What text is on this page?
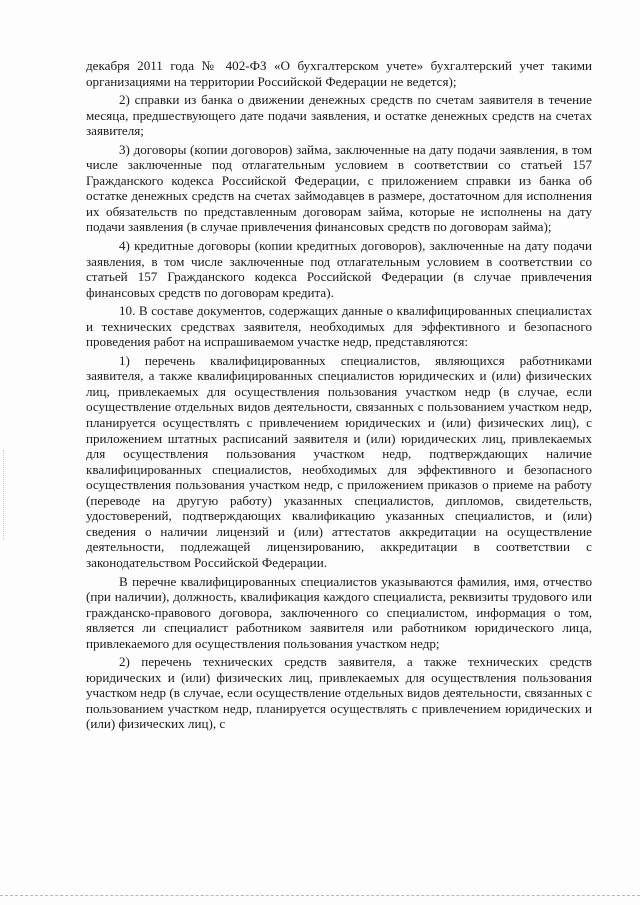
декабря 2011 года № 402-ФЗ «О бухгалтерском учете» бухгалтерский учет такими организациями на территории Российской Федерации не ведется);

2) справки из банка о движении денежных средств по счетам заявителя в течение месяца, предшествующего дате подачи заявления, и остатке денежных средств на счетах заявителя;

3) договоры (копии договоров) займа, заключенные на дату подачи заявления, в том числе заключенные под отлагательным условием в соответствии со статьей 157 Гражданского кодекса Российской Федерации, с приложением справки из банка об остатке денежных средств на счетах займодавцев в размере, достаточном для исполнения их обязательств по представленным договорам займа, которые не исполнены на дату подачи заявления (в случае привлечения финансовых средств по договорам займа);

4) кредитные договоры (копии кредитных договоров), заключенные на дату подачи заявления, в том числе заключенные под отлагательным условием в соответствии со статьей 157 Гражданского кодекса Российской Федерации (в случае привлечения финансовых средств по договорам кредита).

10. В составе документов, содержащих данные о квалифицированных специалистах и технических средствах заявителя, необходимых для эффективного и безопасного проведения работ на испрашиваемом участке недр, представляются:

1) перечень квалифицированных специалистов, являющихся работниками заявителя, а также квалифицированных специалистов юридических и (или) физических лиц, привлекаемых для осуществления пользования участком недр (в случае, если осуществление отдельных видов деятельности, связанных с пользованием участком недр, планируется осуществлять с привлечением юридических и (или) физических лиц), с приложением штатных расписаний заявителя и (или) юридических лиц, привлекаемых для осуществления пользования участком недр, подтверждающих наличие квалифицированных специалистов, необходимых для эффективного и безопасного осуществления пользования участком недр, с приложением приказов о приеме на работу (переводе на другую работу) указанных специалистов, дипломов, свидетельств, удостоверений, подтверждающих квалификацию указанных специалистов, и (или) сведения о наличии лицензий и (или) аттестатов аккредитации на осуществление деятельности, подлежащей лицензированию, аккредитации в соответствии с законодательством Российской Федерации.

В перечне квалифицированных специалистов указываются фамилия, имя, отчество (при наличии), должность, квалификация каждого специалиста, реквизиты трудового или гражданско-правового договора, заключенного со специалистом, информация о том, является ли специалист работником заявителя или работником юридического лица, привлекаемого для осуществления пользования участком недр;

2) перечень технических средств заявителя, а также технических средств юридических и (или) физических лиц, привлекаемых для осуществления пользования участком недр (в случае, если осуществление отдельных видов деятельности, связанных с пользованием участком недр, планируется осуществлять с привлечением юридических и (или) физических лиц), с
